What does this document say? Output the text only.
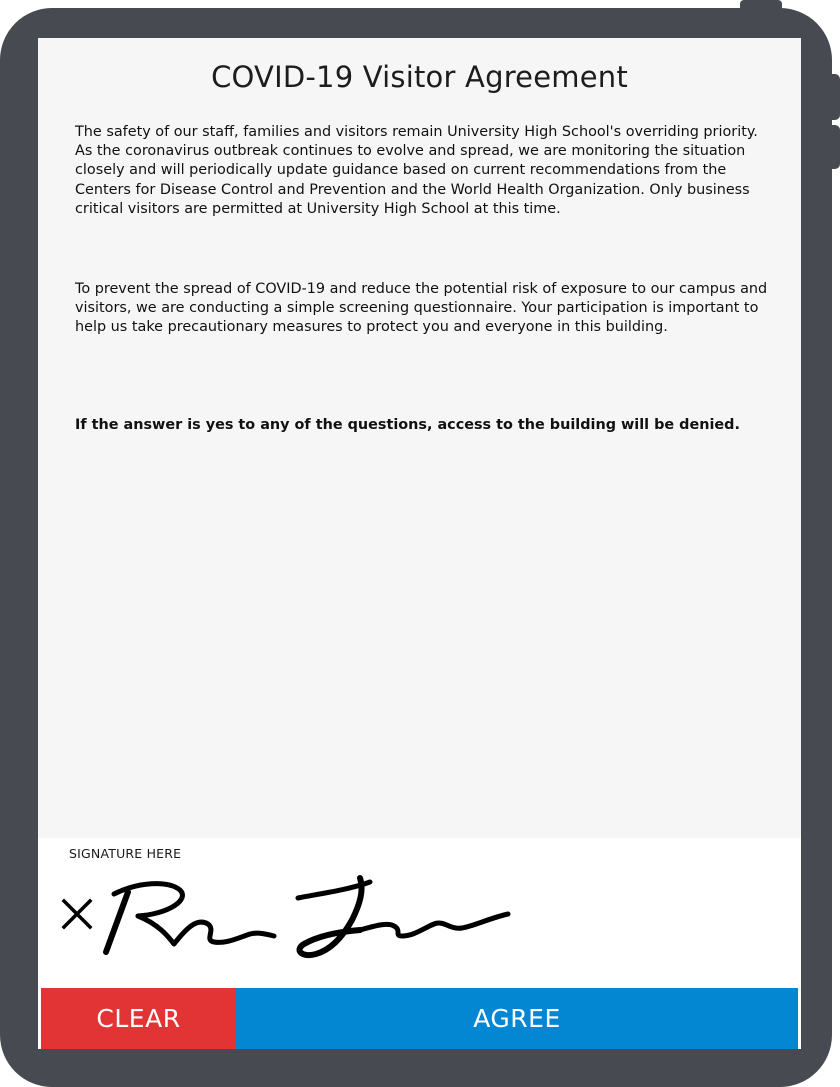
COVID-19 Visitor Agreement

The safety of our staff, families and visitors remain University High School's overriding priority. As the coronavirus outbreak continues to evolve and spread, we are monitoring the situation closely and will periodically update guidance based on current recommendations from the Centers for Disease Control and Prevention and the World Health Organization. Only business critical visitors are permitted at University High School at this time.

To prevent the spread of COVID-19 and reduce the potential risk of exposure to our campus and visitors, we are conducting a simple screening questionnaire. Your participation is important to help us take precautionary measures to protect you and everyone in this building.

If the answer is yes to any of the questions, access to the building will be denied.

SIGNATURE HERE
CLEAR	AGREE
